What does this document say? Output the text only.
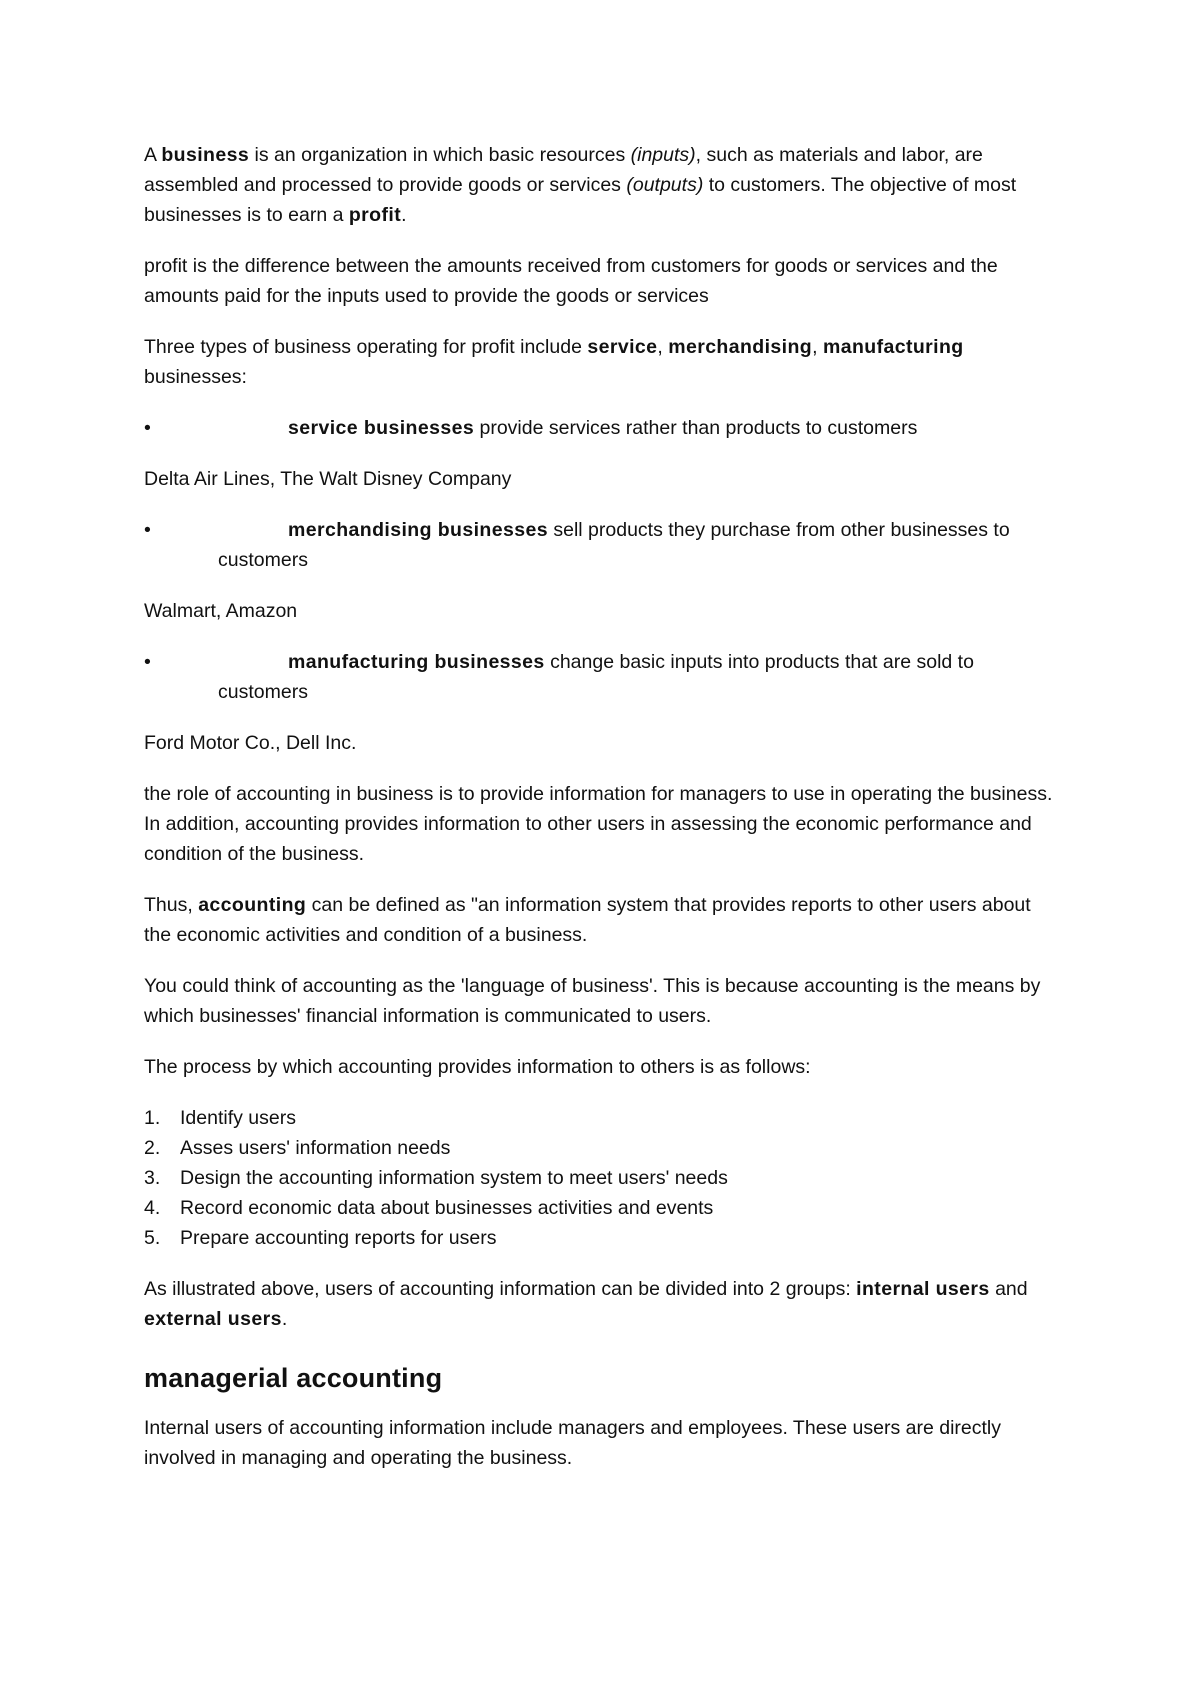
A business is an organization in which basic resources (inputs), such as materials and labor, are assembled and processed to provide goods or services (outputs) to customers. The objective of most businesses is to earn a profit.

profit is the difference between the amounts received from customers for goods or services and the amounts paid for the inputs used to provide the goods or services

Three types of business operating for profit include service, merchandising, manufacturing businesses:

•	service businesses provide services rather than products to customers

Delta Air Lines, The Walt Disney Company

•	merchandising businesses sell products they purchase from other businesses to customers

Walmart, Amazon

•	manufacturing businesses change basic inputs into products that are sold to customers

Ford Motor Co., Dell Inc.

the role of accounting in business is to provide information for managers to use in operating the business. In addition, accounting provides information to other users in assessing the economic performance and condition of the business.

Thus, accounting can be defined as "an information system that provides reports to other users about the economic activities and condition of a business.

You could think of accounting as the 'language of business'. This is because accounting is the means by which businesses' financial information is communicated to users.

The process by which accounting provides information to others is as follows:

1. Identify users
2. Asses users' information needs
3. Design the accounting information system to meet users' needs
4. Record economic data about businesses activities and events
5. Prepare accounting reports for users

As illustrated above, users of accounting information can be divided into 2 groups: internal users and external users.

managerial accounting

Internal users of accounting information include managers and employees. These users are directly involved in managing and operating the business.
